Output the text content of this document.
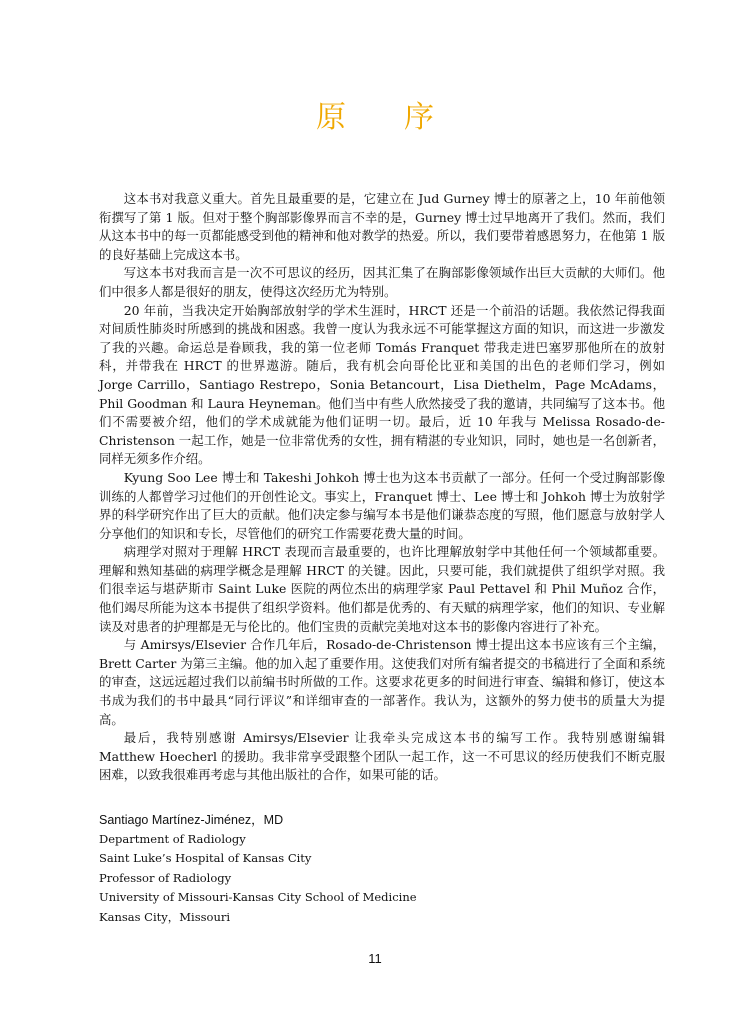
原序

这本书对我意义重大。首先且最重要的是，它建立在 Jud Gurney 博士的原著之上，10 年前他领衔撰写了第 1 版。但对于整个胸部影像界而言不幸的是，Gurney 博士过早地离开了我们。然而，我们从这本书中的每一页都能感受到他的精神和他对教学的热爱。所以，我们要带着感恩努力，在他第 1 版的良好基础上完成这本书。

写这本书对我而言是一次不可思议的经历，因其汇集了在胸部影像领域作出巨大贡献的大师们。他们中很多人都是很好的朋友，使得这次经历尤为特别。

20 年前，当我决定开始胸部放射学的学术生涯时，HRCT 还是一个前沿的话题。我依然记得我面对间质性肺炎时所感到的挑战和困惑。我曾一度认为我永远不可能掌握这方面的知识，而这进一步激发了我的兴趣。命运总是眷顾我，我的第一位老师 Tomás Franquet 带我走进巴塞罗那他所在的放射科，并带我在 HRCT 的世界遨游。随后，我有机会向哥伦比亚和美国的出色的老师们学习，例如 Jorge Carrillo，Santiago Restrepo，Sonia Betancourt，Lisa Diethelm，Page McAdams，Phil Goodman 和 Laura Heyneman。他们当中有些人欣然接受了我的邀请，共同编写了这本书。他们不需要被介绍，他们的学术成就能为他们证明一切。最后，近 10 年我与 Melissa Rosado-de-Christenson 一起工作，她是一位非常优秀的女性，拥有精湛的专业知识，同时，她也是一名创新者，同样无须多作介绍。

Kyung Soo Lee 博士和 Takeshi Johkoh 博士也为这本书贡献了一部分。任何一个受过胸部影像训练的人都曾学习过他们的开创性论文。事实上，Franquet 博士、Lee 博士和 Johkoh 博士为放射学界的科学研究作出了巨大的贡献。他们决定参与编写本书是他们谦恭态度的写照，他们愿意与放射学人分享他们的知识和专长，尽管他们的研究工作需要花费大量的时间。

病理学对照对于理解 HRCT 表现而言最重要的，也许比理解放射学中其他任何一个领域都重要。理解和熟知基础的病理学概念是理解 HRCT 的关键。因此，只要可能，我们就提供了组织学对照。我们很幸运与堪萨斯市 Saint Luke 医院的两位杰出的病理学家 Paul Pettavel 和 Phil Muñoz 合作，他们竭尽所能为这本书提供了组织学资料。他们都是优秀的、有天赋的病理学家，他们的知识、专业解读及对患者的护理都是无与伦比的。他们宝贵的贡献完美地对这本书的影像内容进行了补充。

与 Amirsys/Elsevier 合作几年后，Rosado-de-Christenson 博士提出这本书应该有三个主编，Brett Carter 为第三主编。他的加入起了重要作用。这使我们对所有编者提交的书稿进行了全面和系统的审查，这远远超过我们以前编书时所做的工作。这要求花更多的时间进行审查、编辑和修订，使这本书成为我们的书中最具“同行评议”和详细审查的一部著作。我认为，这额外的努力使书的质量大为提高。

最后，我特别感谢 Amirsys/Elsevier 让我牵头完成这本书的编写工作。我特别感谢编辑 Matthew Hoecherl 的援助。我非常享受跟整个团队一起工作，这一不可思议的经历使我们不断克服困难，以致我很难再考虑与其他出版社的合作，如果可能的话。

Santiago Martínez-Jiménez，MD
Department of Radiology
Saint Luke’s Hospital of Kansas City
Professor of Radiology
University of Missouri-Kansas City School of Medicine
Kansas City，Missouri
11
